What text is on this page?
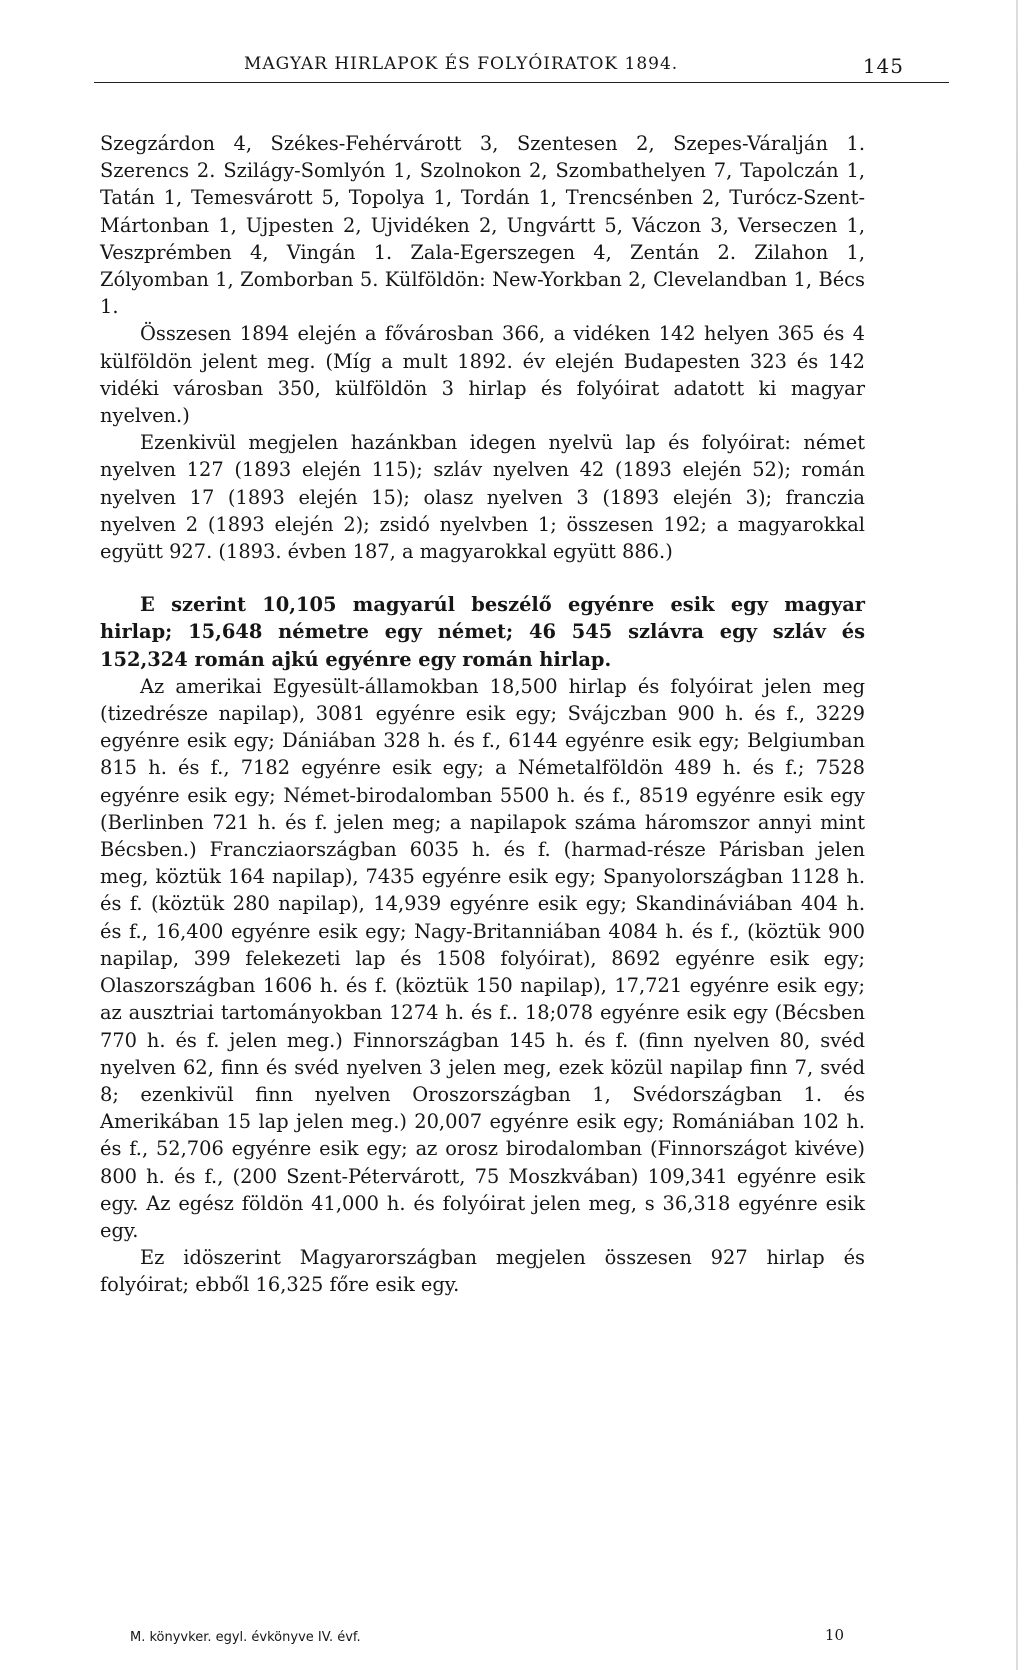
MAGYAR HIRLAPOK ÉS FOLYÓIRATOK 1894.	145

Szegzárdon 4, Székes-Fehérvárott 3, Szentesen 2, Szepes-Váralján 1. Szerencs 2. Szilágy-Somlyón 1, Szolnokon 2, Szombathelyen 7, Tapolczán 1, Tatán 1, Temesvárott 5, Topolya 1, Tordán 1, Trencsénben 2, Turócz-Szent-Mártonban 1, Ujpesten 2, Ujvidéken 2, Ungvártt 5, Váczon 3, Verseczen 1, Veszprémben 4, Vingán 1. Zala-Egerszegen 4, Zentán 2. Zilahon 1, Zólyomban 1, Zomborban 5. Külföldön: New-Yorkban 2, Clevelandban 1, Bécs 1.

Összesen 1894 elején a fővárosban 366, a vidéken 142 helyen 365 és 4 külföldön jelent meg. (Míg a mult 1892. év elején Budapesten 323 és 142 vidéki városban 350, külföldön 3 hirlap és folyóirat adatott ki magyar nyelven.)

Ezenkivül megjelen hazánkban idegen nyelvü lap és folyóirat: német nyelven 127 (1893 elején 115); szláv nyelven 42 (1893 elején 52); román nyelven 17 (1893 elején 15); olasz nyelven 3 (1893 elején 3); franczia nyelven 2 (1893 elején 2); zsidó nyelvben 1; összesen 192; a magyarokkal együtt 927. (1893. évben 187, a magyarokkal együtt 886.)

E szerint 10,105 magyarúl beszélő egyénre esik egy magyar hirlap; 15,648 németre egy német; 46 545 szlávra egy szláv és 152,324 román ajkú egyénre egy román hirlap.

Az amerikai Egyesült-államokban 18,500 hirlap és folyóirat jelen meg (tizedrésze napilap), 3081 egyénre esik egy; Svájczban 900 h. és f., 3229 egyénre esik egy; Dániában 328 h. és f., 6144 egyénre esik egy; Belgiumban 815 h. és f., 7182 egyénre esik egy; a Németalföldön 489 h. és f.; 7528 egyénre esik egy; Német-birodalomban 5500 h. és f., 8519 egyénre esik egy (Berlinben 721 h. és f. jelen meg; a napilapok száma háromszor annyi mint Bécsben.) Francziaországban 6035 h. és f. (harmad-része Párisban jelen meg, köztük 164 napilap), 7435 egyénre esik egy; Spanyolországban 1128 h. és f. (köztük 280 napilap), 14,939 egyénre esik egy; Skandináviában 404 h. és f., 16,400 egyénre esik egy; Nagy-Britanniában 4084 h. és f., (köztük 900 napilap, 399 felekezeti lap és 1508 folyóirat), 8692 egyénre esik egy; Olaszországban 1606 h. és f. (köztük 150 napilap), 17,721 egyénre esik egy; az ausztriai tartományokban 1274 h. és f.. 18;078 egyénre esik egy (Bécsben 770 h. és f. jelen meg.) Finnországban 145 h. és f. (finn nyelven 80, svéd nyelven 62, finn és svéd nyelven 3 jelen meg, ezek közül napilap finn 7, svéd 8; ezenkivül finn nyelven Oroszországban 1, Svédországban 1. és Amerikában 15 lap jelen meg.) 20,007 egyénre esik egy; Romániában 102 h. és f., 52,706 egyénre esik egy; az orosz birodalomban (Finnországot kivéve) 800 h. és f., (200 Szent-Pétervárott, 75 Moszkvában) 109,341 egyénre esik egy. Az egész földön 41,000 h. és folyóirat jelen meg, s 36,318 egyénre esik egy.

Ez idöszerint Magyarországban megjelen összesen 927 hirlap és folyóirat; ebből 16,325 főre esik egy.

M. könyvker. egyl. évkönyve IV. évf.	10
